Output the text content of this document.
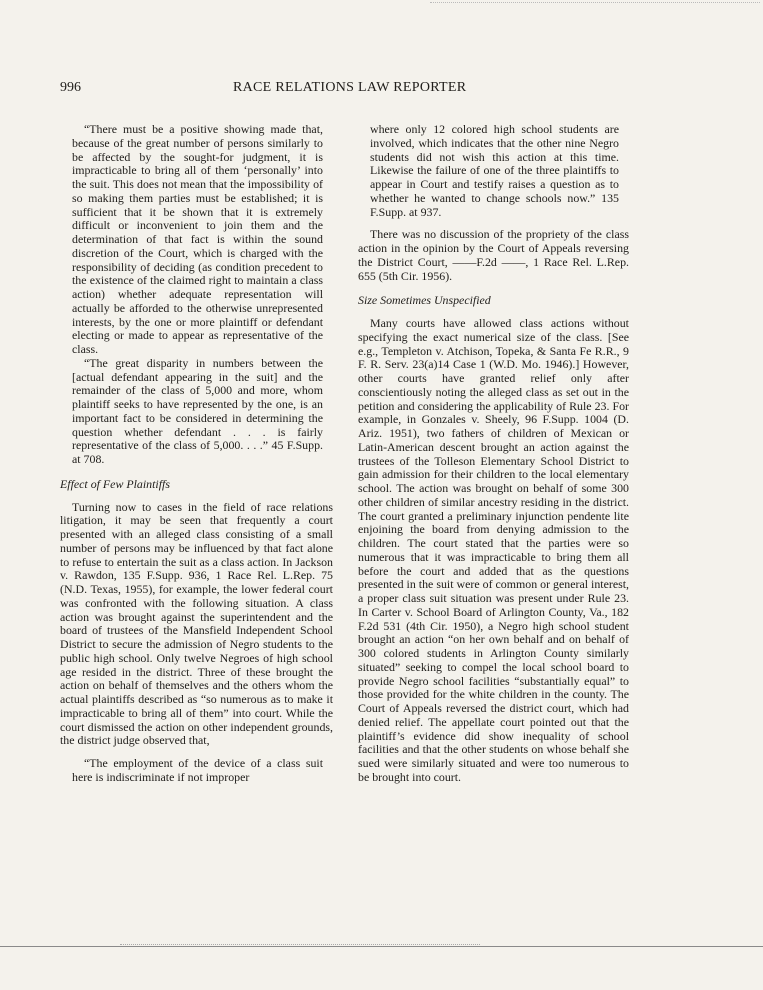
996	RACE RELATIONS LAW REPORTER

“There must be a positive showing made that, because of the great number of persons similarly to be affected by the sought-for judgment, it is impracticable to bring all of them ‘personally’ into the suit. This does not mean that the impossibility of so making them parties must be established; it is sufficient that it be shown that it is extremely difficult or inconvenient to join them and the determination of that fact is within the sound discretion of the Court, which is charged with the responsibility of deciding (as condition precedent to the existence of the claimed right to maintain a class action) whether adequate representation will actually be afforded to the otherwise unrepresented interests, by the one or more plaintiff or defendant electing or made to appear as representative of the class.

“The great disparity in numbers between the [actual defendant appearing in the suit] and the remainder of the class of 5,000 and more, whom plaintiff seeks to have represented by the one, is an important fact to be considered in determining the question whether defendant . . . is fairly representative of the class of 5,000. . . .” 45 F.Supp. at 708.

Effect of Few Plaintiffs

Turning now to cases in the field of race relations litigation, it may be seen that frequently a court presented with an alleged class consisting of a small number of persons may be influenced by that fact alone to refuse to entertain the suit as a class action. In Jackson v. Rawdon, 135 F.Supp. 936, 1 Race Rel. L.Rep. 75 (N.D. Texas, 1955), for example, the lower federal court was confronted with the following situation. A class action was brought against the superintendent and the board of trustees of the Mansfield Independent School District to secure the admission of Negro students to the public high school. Only twelve Negroes of high school age resided in the district. Three of these brought the action on behalf of themselves and the others whom the actual plaintiffs described as “so numerous as to make it impracticable to bring all of them” into court. While the court dismissed the action on other independent grounds, the district judge observed that,

“The employment of the device of a class suit here is indiscriminate if not improper

where only 12 colored high school students are involved, which indicates that the other nine Negro students did not wish this action at this time. Likewise the failure of one of the three plaintiffs to appear in Court and testify raises a question as to whether he wanted to change schools now.” 135 F.Supp. at 937.

There was no discussion of the propriety of the class action in the opinion by the Court of Appeals reversing the District Court, ——F.2d ——, 1 Race Rel. L.Rep. 655 (5th Cir. 1956).

Size Sometimes Unspecified

Many courts have allowed class actions without specifying the exact numerical size of the class. [See e.g., Templeton v. Atchison, Topeka, & Santa Fe R.R., 9 F. R. Serv. 23(a)14 Case 1 (W.D. Mo. 1946).] However, other courts have granted relief only after conscientiously noting the alleged class as set out in the petition and considering the applicability of Rule 23. For example, in Gonzales v. Sheely, 96 F.Supp. 1004 (D. Ariz. 1951), two fathers of children of Mexican or Latin-American descent brought an action against the trustees of the Tolleson Elementary School District to gain admission for their children to the local elementary school. The action was brought on behalf of some 300 other children of similar ancestry residing in the district. The court granted a preliminary injunction pendente lite enjoining the board from denying admission to the children. The court stated that the parties were so numerous that it was impracticable to bring them all before the court and added that as the questions presented in the suit were of common or general interest, a proper class suit situation was present under Rule 23. In Carter v. School Board of Arlington County, Va., 182 F.2d 531 (4th Cir. 1950), a Negro high school student brought an action “on her own behalf and on behalf of 300 colored students in Arlington County similarly situated” seeking to compel the local school board to provide Negro school facilities “substantially equal” to those provided for the white children in the county. The Court of Appeals reversed the district court, which had denied relief. The appellate court pointed out that the plaintiff’s evidence did show inequality of school facilities and that the other students on whose behalf she sued were similarly situated and were too numerous to be brought into court.
